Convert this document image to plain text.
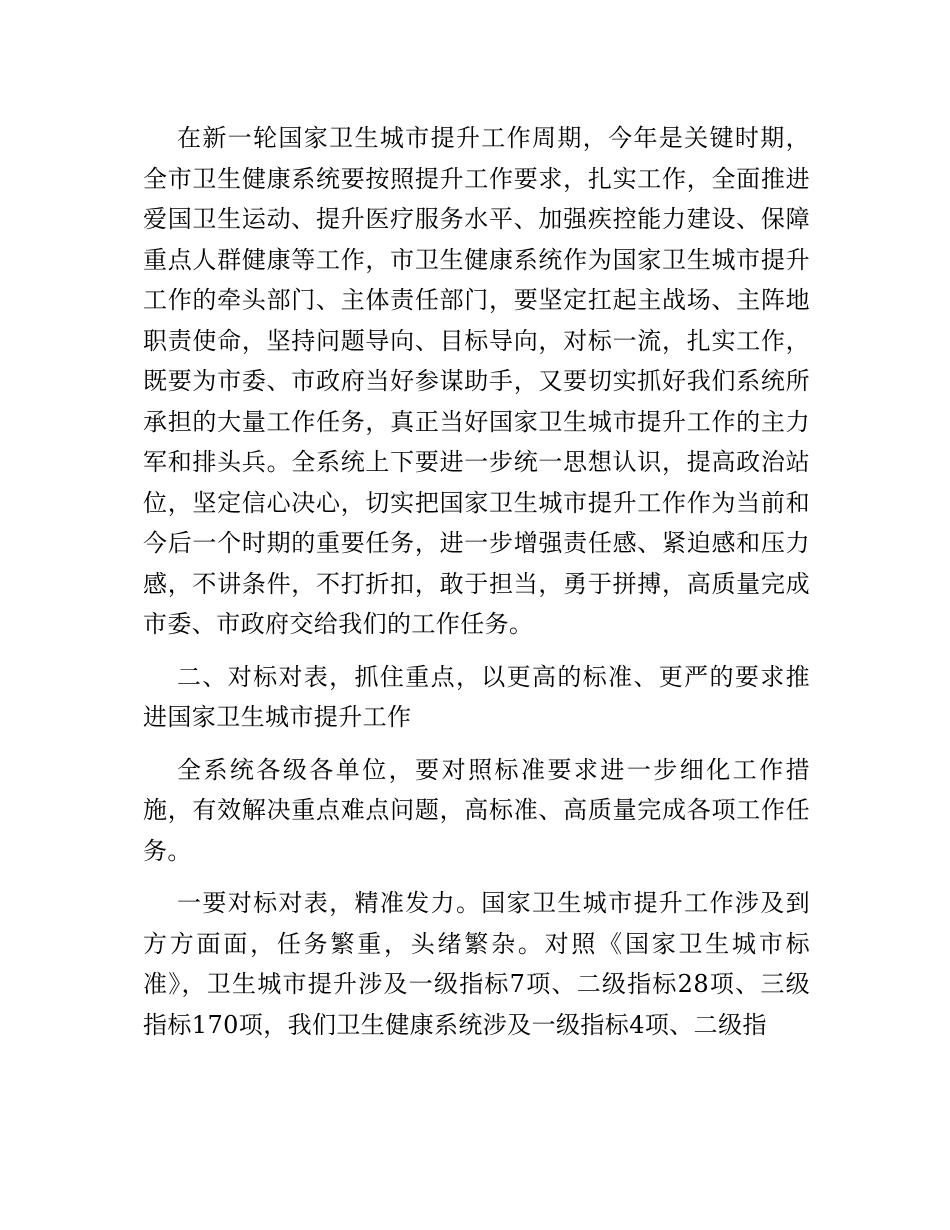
在新一轮国家卫生城市提升工作周期，今年是关键时期，全市卫生健康系统要按照提升工作要求，扎实工作，全面推进爱国卫生运动、提升医疗服务水平、加强疾控能力建设、保障重点人群健康等工作，市卫生健康系统作为国家卫生城市提升工作的牵头部门、主体责任部门，要坚定扛起主战场、主阵地职责使命，坚持问题导向、目标导向，对标一流，扎实工作，既要为市委、市政府当好参谋助手，又要切实抓好我们系统所承担的大量工作任务，真正当好国家卫生城市提升工作的主力军和排头兵。全系统上下要进一步统一思想认识，提高政治站位，坚定信心决心，切实把国家卫生城市提升工作作为当前和今后一个时期的重要任务，进一步增强责任感、紧迫感和压力感，不讲条件，不打折扣，敢于担当，勇于拼搏，高质量完成市委、市政府交给我们的工作任务。

二、对标对表，抓住重点，以更高的标准、更严的要求推进国家卫生城市提升工作

全系统各级各单位，要对照标准要求进一步细化工作措施，有效解决重点难点问题，高标准、高质量完成各项工作任务。

一要对标对表，精准发力。国家卫生城市提升工作涉及到方方面面，任务繁重，头绪繁杂。对照《国家卫生城市标准》，卫生城市提升涉及一级指标7项、二级指标28项、三级指标170项，我们卫生健康系统涉及一级指标4项、二级指
